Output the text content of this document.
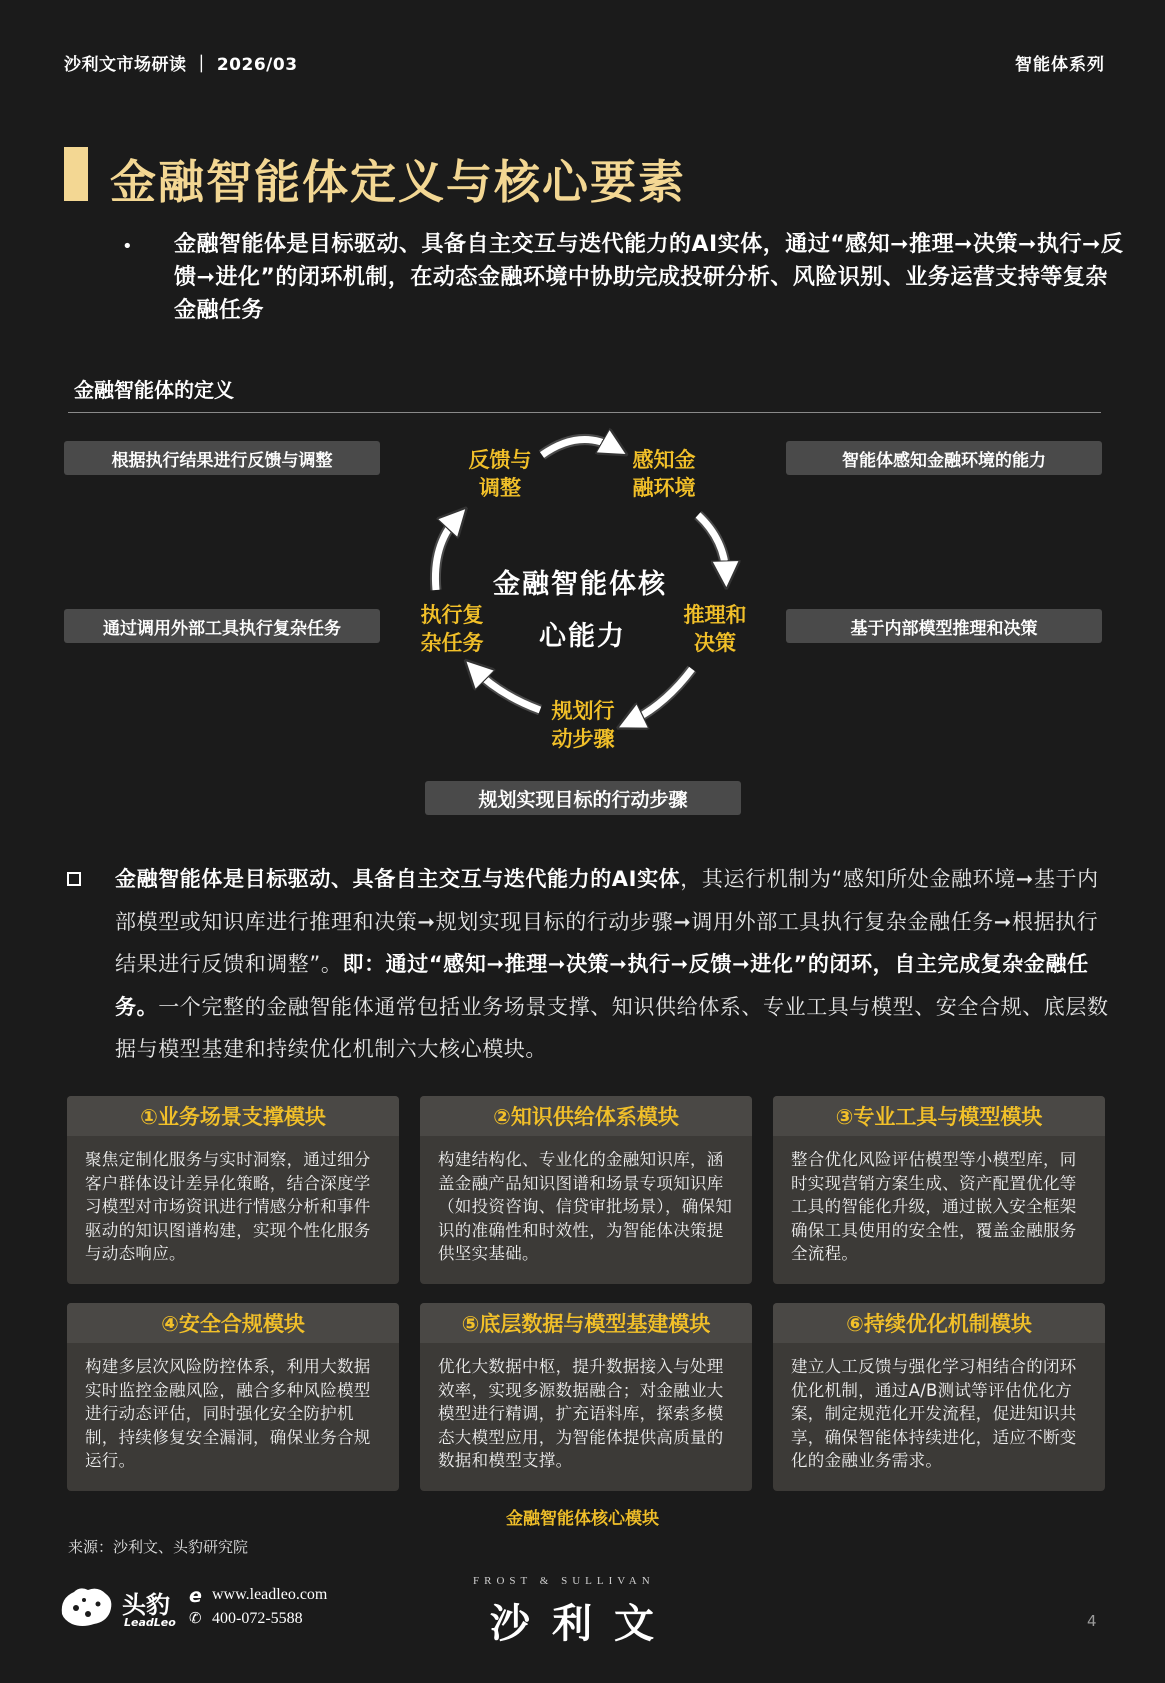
沙利文市场研读 ｜ 2026/03	智能体系列
金融智能体定义与核心要素
• 金融智能体是目标驱动、具备自主交互与迭代能力的AI实体，通过“感知➞推理➞决策➞执行➞反馈➞进化”的闭环机制，在动态金融环境中协助完成投研分析、风险识别、业务运营支持等复杂金融任务
金融智能体的定义
根据执行结果进行反馈与调整	智能体感知金融环境的能力
通过调用外部工具执行复杂任务	基于内部模型推理和决策
规划实现目标的行动步骤
反馈与
调整
感知金
融环境
推理和
决策
规划行
动步骤
执行复
杂任务
金融智能体核
心能力
金融智能体是目标驱动、具备自主交互与迭代能力的AI实体，其运行机制为“感知所处金融环境➞基于内部模型或知识库进行推理和决策➞规划实现目标的行动步骤➞调用外部工具执行复杂金融任务➞根据执行结果进行反馈和调整”。即：通过“感知➞推理➞决策➞执行➞反馈➞进化”的闭环，自主完成复杂金融任务。一个完整的金融智能体通常包括业务场景支撑、知识供给体系、专业工具与模型、安全合规、底层数据与模型基建和持续优化机制六大核心模块。
①业务场景支撑模块
聚焦定制化服务与实时洞察，通过细分客户群体设计差异化策略，结合深度学习模型对市场资讯进行情感分析和事件驱动的知识图谱构建，实现个性化服务与动态响应。
②知识供给体系模块
构建结构化、专业化的金融知识库，涵盖金融产品知识图谱和场景专项知识库（如投资咨询、信贷审批场景），确保知识的准确性和时效性，为智能体决策提供坚实基础。
③专业工具与模型模块
整合优化风险评估模型等小模型库，同时实现营销方案生成、资产配置优化等工具的智能化升级，通过嵌入安全框架确保工具使用的安全性，覆盖金融服务全流程。
④安全合规模块
构建多层次风险防控体系，利用大数据实时监控金融风险，融合多种风险模型进行动态评估，同时强化安全防护机制，持续修复安全漏洞，确保业务合规运行。
⑤底层数据与模型基建模块
优化大数据中枢，提升数据接入与处理效率，实现多源数据融合；对金融业大模型进行精调，扩充语料库，探索多模态大模型应用，为智能体提供高质量的数据和模型支撑。
⑥持续优化机制模块
建立人工反馈与强化学习相结合的闭环优化机制，通过A/B测试等评估优化方案，制定规范化开发流程，促进知识共享，确保智能体持续进化，适应不断变化的金融业务需求。
金融智能体核心模块
来源：沙利文、头豹研究院
头豹
LeadLeo
e
✆
www.leadleo.com
400-072-5588
FROST & SULLIVAN
沙利文	4
